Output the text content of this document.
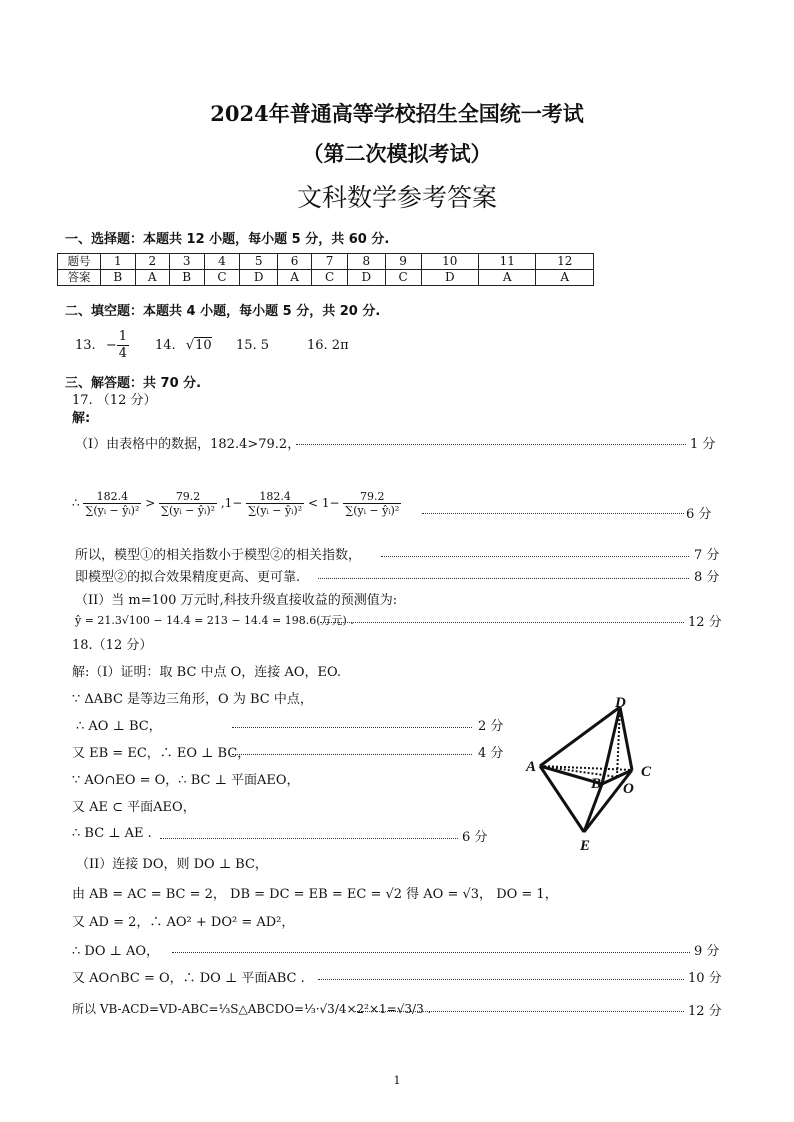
2024年普通高等学校招生全国统一考试
（第二次模拟考试）
文科数学参考答案
一、选择题：本题共 12 小题，每小题 5 分，共 60 分.
题号	1	2	3	4	5	6	7	8	9	10	11	12
答案	B	A	B	C	D	A	C	D	C	D	A	A
二、填空题：本题共 4 小题，每小题 5 分，共 20 分.
13. − $\frac{1}{4} 14$. √10 15. 5	16. 2π
三、解答题：共 70 分.
17. （12 分）
解:
（I）由表格中的数据，182.4>79.2，	1 分
∴ $\frac{182.4}{\text{∑(yᵢ − ŷᵢ)²}} > \frac{79.2}{\text{∑(yᵢ − ŷᵢ)²}} ,1- \frac{182.4}{\text{∑(yᵢ − ŷᵢ)²}} < 1- \frac{79.2}{\text{∑(yᵢ − ŷᵢ)²}}$	6 分
所以，模型①的相关指数小于模型②的相关指数，	7 分
即模型②的拟合效果精度更高、更可靠.	8 分
（II）当 m=100 万元时,科技升级直接收益的预测值为:
ŷ = 21.3√100 − 14.4 = 213 − 14.4 = 198.6(万元) .	12 分
18.（12 分）
解:（I）证明：取 BC 中点 O，连接 AO，EO.
∵ ΔABC 是等边三角形，O 为 BC 中点，
∴ AO ⊥ BC，	2 分
又 EB = EC，∴ EO ⊥ BC，	4 分
∵ AO∩EO = O，∴ BC ⊥ 平面AEO，
又 AE ⊂ 平面AEO，
∴ BC ⊥ AE .	6 分
（II）连接 DO，则 DO ⊥ BC，
由 AB = AC = BC = 2， DB = DC = EB = EC = √2 得 AO = √3， DO = 1，
又 AD = 2，∴ AO² + DO² = AD²，
∴ DO ⊥ AO，	9 分
又 AO∩BC = O，∴ DO ⊥ 平面ABC .	10 分
所以 VB-ACD=VD-ABC=⅓S△ABCDO=⅓·√3/4×2²×1=√3/3 .	12 分
D
A
B
C
O
E
1
